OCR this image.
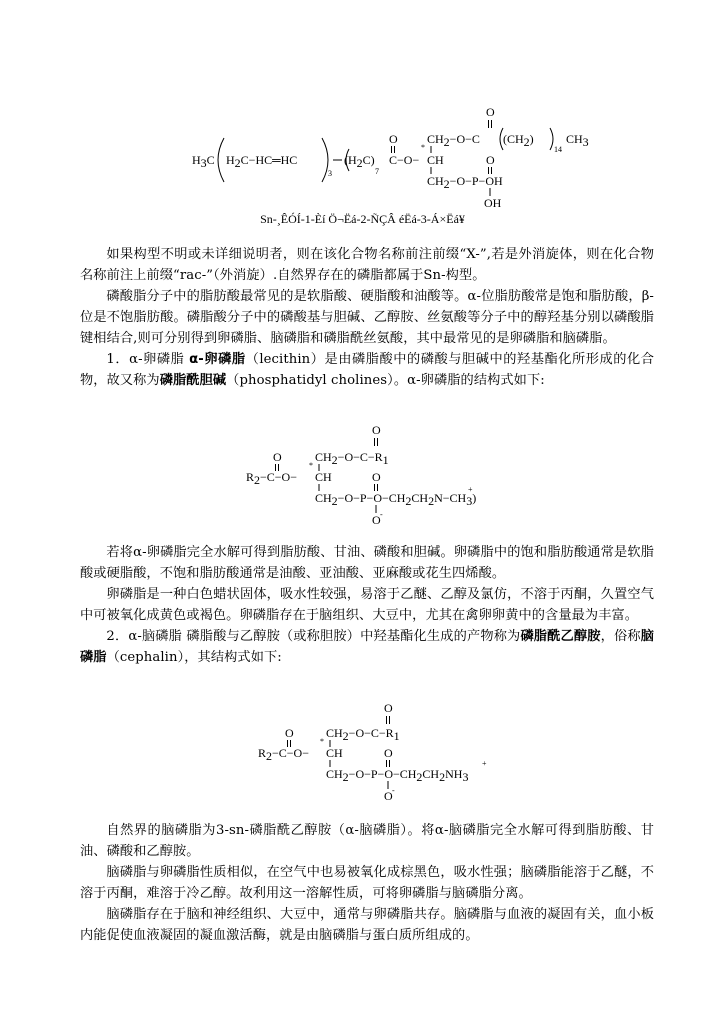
O
CH2−O−C (CH2)
14
CH3
O
H3C H2C−HC═HC
3
(H2C)
7
C−O−
*
CH	O
CH2−O−P−OH
OH
Sn-¸ÊÓÍ-1-Èí Ö¬Ëá-2-ÑÇÂ éËá-3-Á×Ëá¥

如果构型不明或未详细说明者，则在该化合物名称前注前缀“X-”,若是外消旋体，则在化合物名称前注上前缀“rac-”（外消旋）.自然界存在的磷脂都属于Sn-构型。

磷酸脂分子中的脂肪酸最常见的是软脂酸、硬脂酸和油酸等。α-位脂肪酸常是饱和脂肪酸，β-位是不饱脂肪酸。磷脂酸分子中的磷酸基与胆碱、乙醇胺、丝氨酸等分子中的醇羟基分别以磷酸脂键相结合,则可分别得到卵磷脂、脑磷脂和磷脂酰丝氨酸，其中最常见的是卵磷脂和脑磷脂。

1．α-卵磷脂 α-卵磷脂（lecithin）是由磷脂酸中的磷酸与胆碱中的羟基酯化所形成的化合物，故又称为磷脂酰胆碱（phosphatidyl cholines）。α-卵磷脂的结构式如下:

O
O	CH2−O−C−R1
R2−C−O−
*
CH	O
+
CH2−O−P−O−CH2CH2N−CH3)
O -

若将α-卵磷脂完全水解可得到脂肪酸、甘油、磷酸和胆碱。卵磷脂中的饱和脂肪酸通常是软脂酸或硬脂酸，不饱和脂肪酸通常是油酸、亚油酸、亚麻酸或花生四烯酸。

卵磷脂是一种白色蜡状固体，吸水性较强，易溶于乙醚、乙醇及氯仿，不溶于丙酮，久置空气中可被氧化成黄色或褐色。卵磷脂存在于脑组织、大豆中，尤其在禽卵卵黄中的含量最为丰富。

2．α-脑磷脂 磷脂酸与乙醇胺（或称胆胺）中羟基酯化生成的产物称为磷脂酰乙醇胺，俗称脑磷脂（cephalin），其结构式如下:

O
O	CH2−O−C−R1
R2−C−O−
*
CH	O
+
CH2−O−P−O−CH2CH2NH3
O -

自然界的脑磷脂为3-sn-磷脂酰乙醇胺（α-脑磷脂）。将α-脑磷脂完全水解可得到脂肪酸、甘油、磷酸和乙醇胺。

脑磷脂与卵磷脂性质相似，在空气中也易被氧化成棕黑色，吸水性强；脑磷脂能溶于乙醚，不溶于丙酮，难溶于冷乙醇。故利用这一溶解性质，可将卵磷脂与脑磷脂分离。

脑磷脂存在于脑和神经组织、大豆中，通常与卵磷脂共存。脑磷脂与血液的凝固有关，血小板内能促使血液凝固的凝血激活酶，就是由脑磷脂与蛋白质所组成的。
